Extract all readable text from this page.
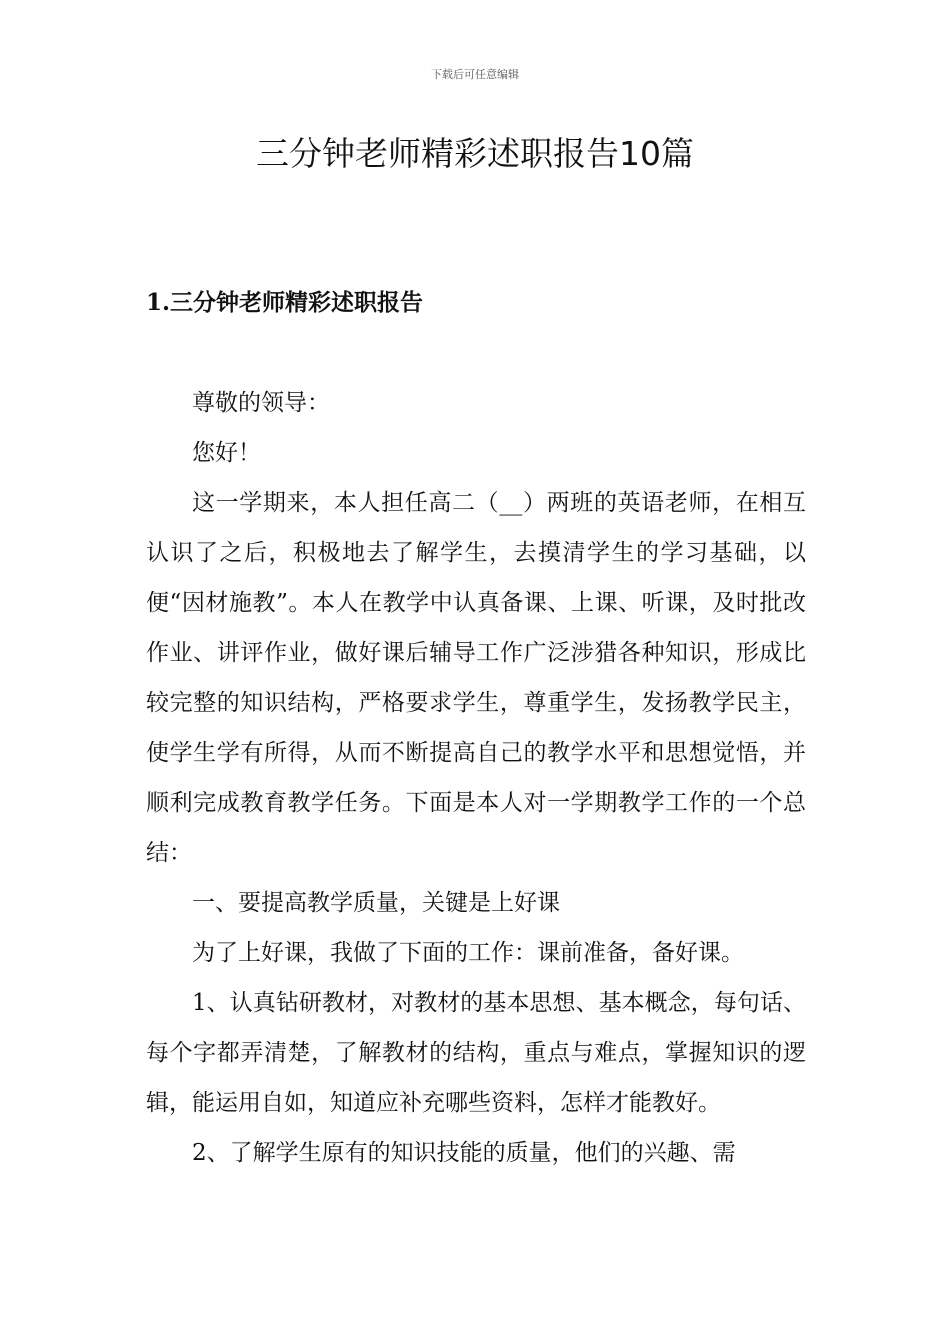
下载后可任意编辑
三分钟老师精彩述职报告10篇
1.三分钟老师精彩述职报告

尊敬的领导：

您好！

这一学期来，本人担任高二（__）两班的英语老师，在相互认识了之后，积极地去了解学生，去摸清学生的学习基础，以便“因材施教”。本人在教学中认真备课、上课、听课，及时批改作业、讲评作业，做好课后辅导工作广泛涉猎各种知识，形成比较完整的知识结构，严格要求学生，尊重学生，发扬教学民主，使学生学有所得，从而不断提高自己的教学水平和思想觉悟，并顺利完成教育教学任务。下面是本人对一学期教学工作的一个总结：

一、要提高教学质量，关键是上好课

为了上好课，我做了下面的工作：课前准备，备好课。

1、认真钻研教材，对教材的基本思想、基本概念，每句话、每个字都弄清楚，了解教材的结构，重点与难点，掌握知识的逻辑，能运用自如，知道应补充哪些资料，怎样才能教好。

2、了解学生原有的知识技能的质量，他们的兴趣、需
